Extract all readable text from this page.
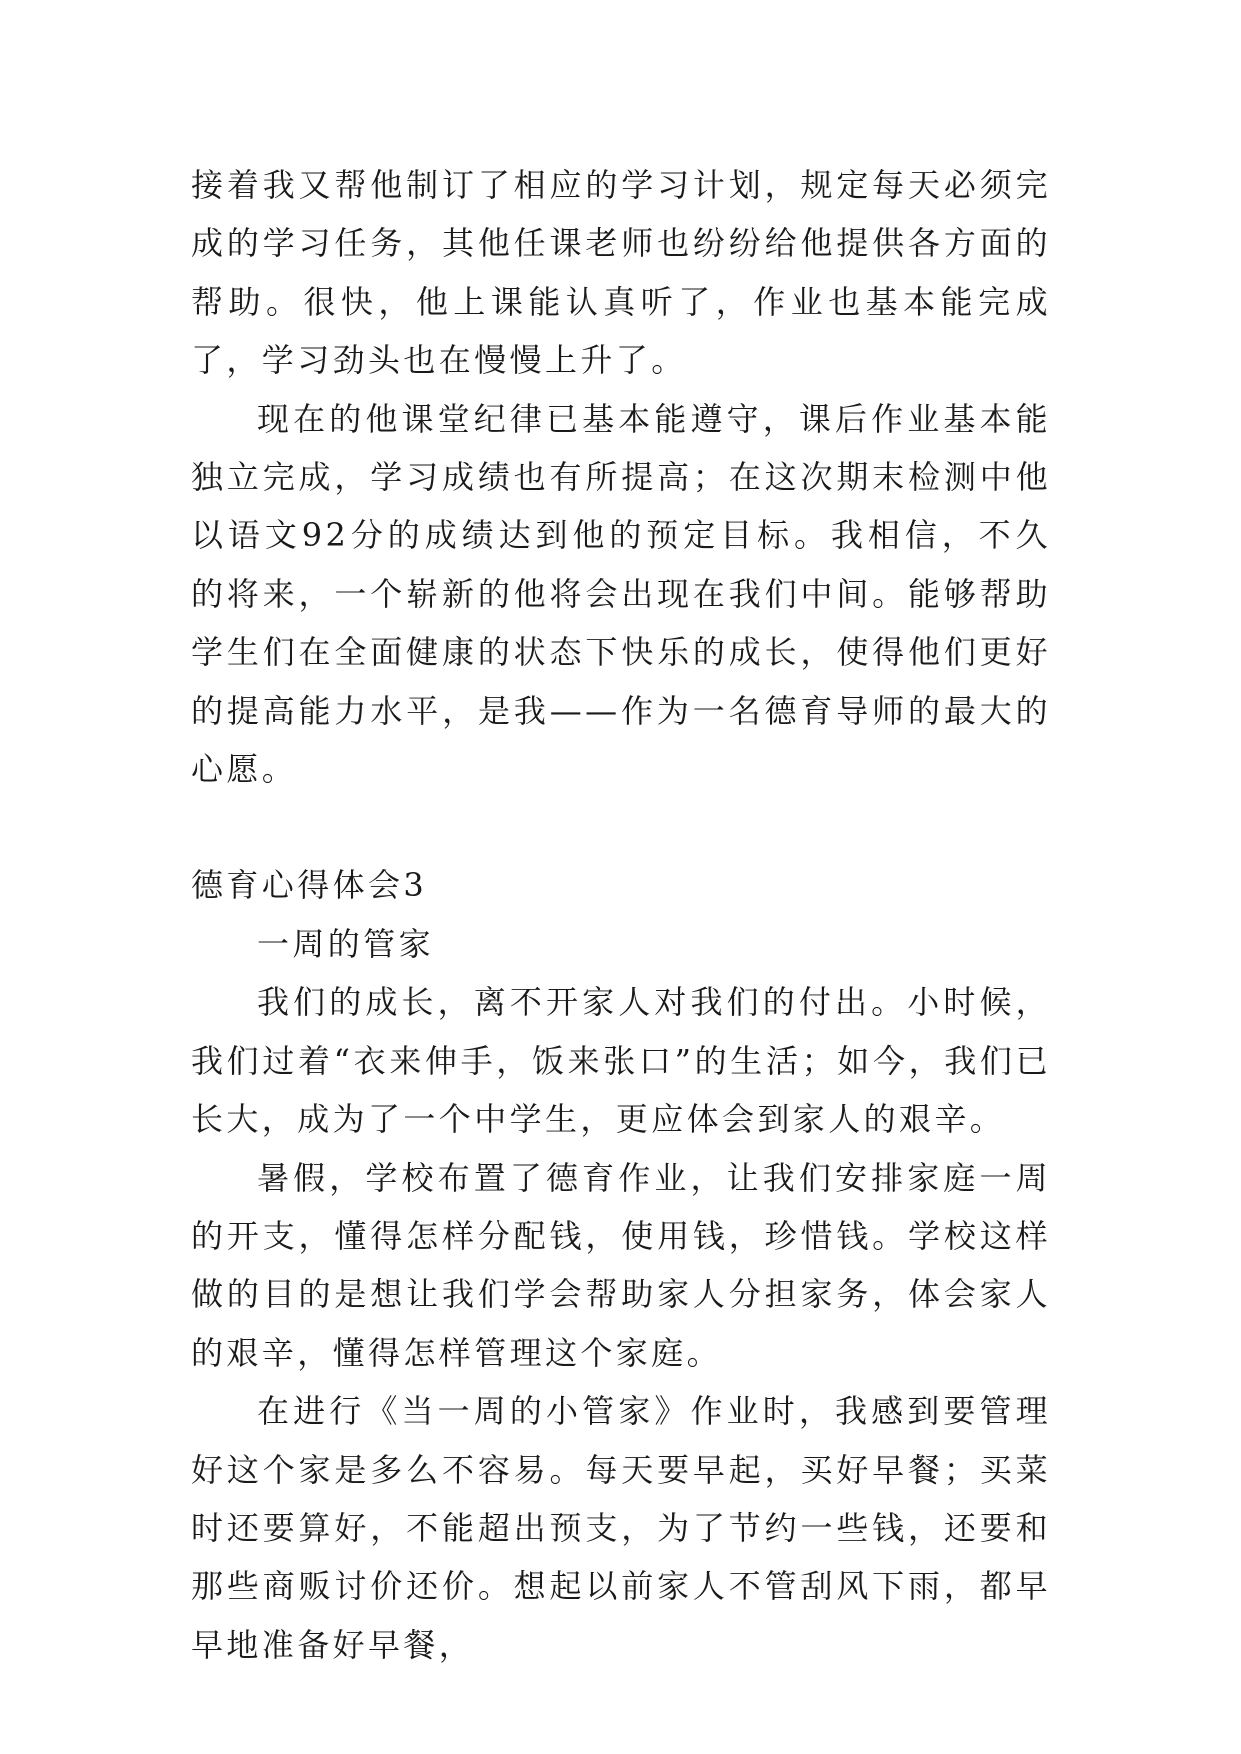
接着我又帮他制订了相应的学习计划，规定每天必须完成的学习任务，其他任课老师也纷纷给他提供各方面的帮助。很快，他上课能认真听了，作业也基本能完成了，学习劲头也在慢慢上升了。

现在的他课堂纪律已基本能遵守，课后作业基本能独立完成，学习成绩也有所提高；在这次期末检测中他以语文92分的成绩达到他的预定目标。我相信，不久的将来，一个崭新的他将会出现在我们中间。能够帮助学生们在全面健康的状态下快乐的成长，使得他们更好的提高能力水平，是我——作为一名德育导师的最大的心愿。

德育心得体会3

一周的管家

我们的成长，离不开家人对我们的付出。小时候，我们过着“衣来伸手，饭来张口”的生活；如今，我们已长大，成为了一个中学生，更应体会到家人的艰辛。

暑假，学校布置了德育作业，让我们安排家庭一周的开支，懂得怎样分配钱，使用钱，珍惜钱。学校这样做的目的是想让我们学会帮助家人分担家务，体会家人的艰辛，懂得怎样管理这个家庭。

在进行《当一周的小管家》作业时，我感到要管理好这个家是多么不容易。每天要早起，买好早餐；买菜时还要算好，不能超出预支，为了节约一些钱，还要和那些商贩讨价还价。想起以前家人不管刮风下雨，都早早地准备好早餐，
